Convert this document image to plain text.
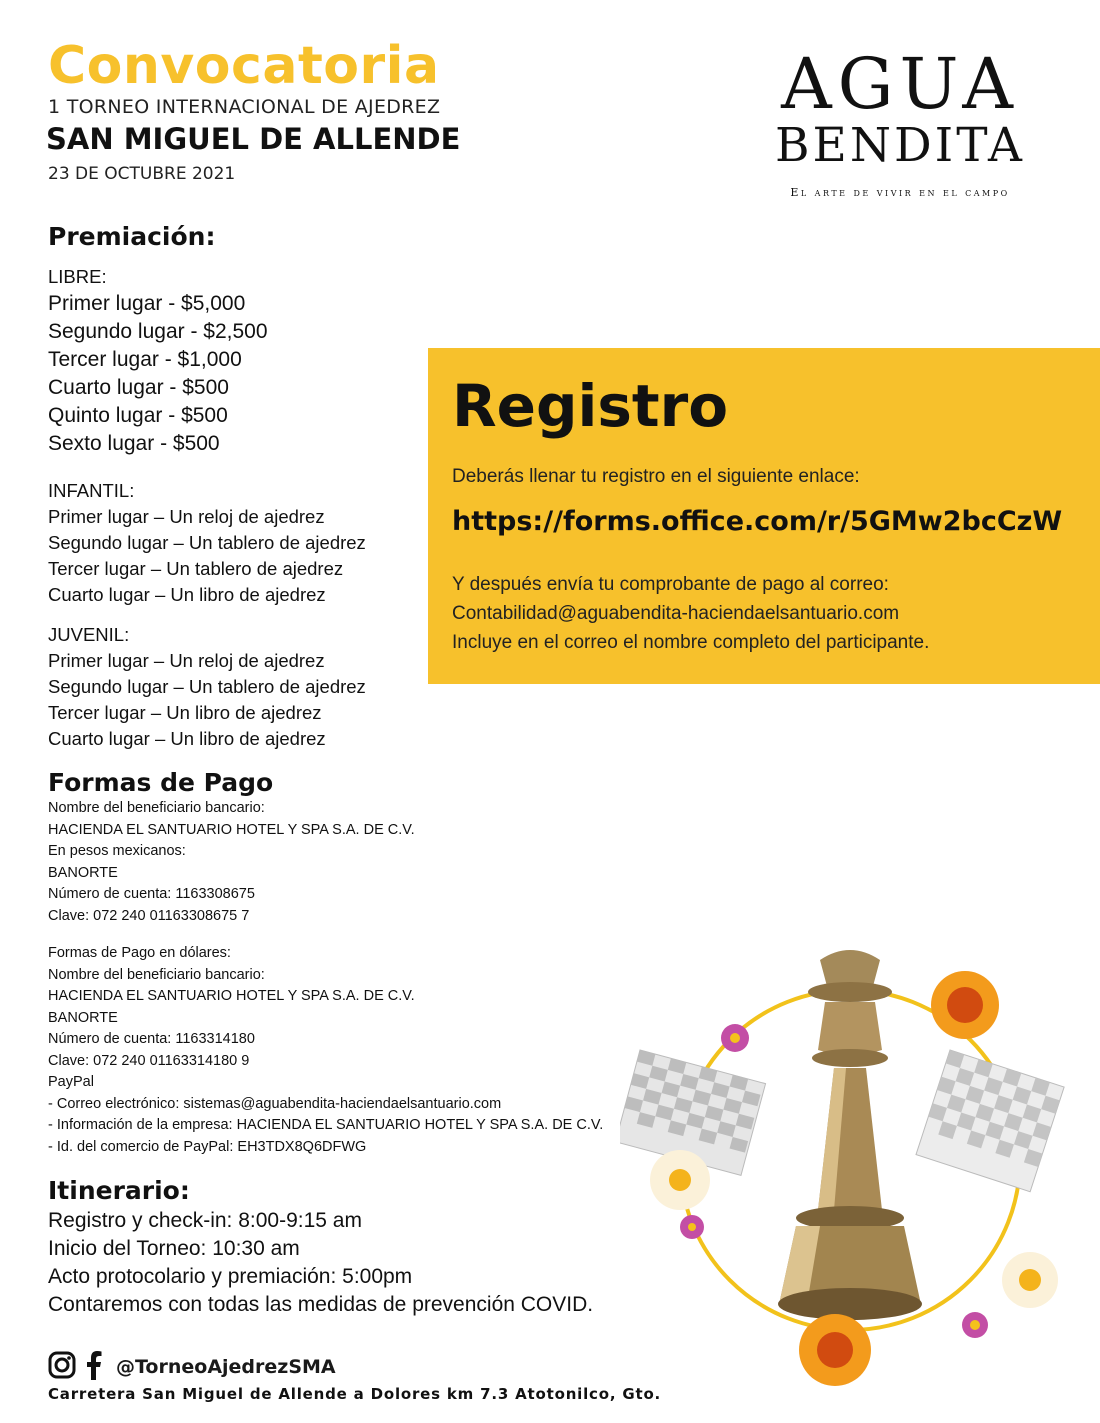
Convocatoria
1 TORNEO INTERNACIONAL DE AJEDREZ
SAN MIGUEL DE ALLENDE
23 DE OCTUBRE 2021
AGUA
BENDITA
El arte de vivir en el campo
Premiación:
LIBRE:
Primer lugar - $5,000
Segundo lugar - $2,500
Tercer lugar - $1,000
Cuarto lugar - $500
Quinto lugar - $500
Sexto lugar - $500
INFANTIL:
Primer lugar – Un reloj de ajedrez
Segundo lugar – Un tablero de ajedrez
Tercer lugar – Un tablero de ajedrez
Cuarto lugar – Un libro de ajedrez
JUVENIL:
Primer lugar – Un reloj de ajedrez
Segundo lugar – Un tablero de ajedrez
Tercer lugar – Un libro de ajedrez
Cuarto lugar – Un libro de ajedrez
Registro
Deberás llenar tu registro en el siguiente enlace:
https://forms.office.com/r/5GMw2bcCzW
Y después envía tu comprobante de pago al correo:
Contabilidad@aguabendita-haciendaelsantuario.com
Incluye en el correo el nombre completo del participante.
Formas de Pago
Nombre del beneficiario bancario:
HACIENDA EL SANTUARIO HOTEL Y SPA S.A. DE C.V.
En pesos mexicanos:
BANORTE
Número de cuenta: 1163308675
Clave: 072 240 01163308675 7
Formas de Pago en dólares:
Nombre del beneficiario bancario:
HACIENDA EL SANTUARIO HOTEL Y SPA S.A. DE C.V.
BANORTE
Número de cuenta: 1163314180
Clave: 072 240 01163314180 9
PayPal
- Correo electrónico: sistemas@aguabendita-haciendaelsantuario.com
- Información de la empresa: HACIENDA EL SANTUARIO HOTEL Y SPA S.A. DE C.V.
- Id. del comercio de PayPal: EH3TDX8Q6DFWG
Itinerario:
Registro y check-in: 8:00-9:15 am
Inicio del Torneo: 10:30 am
Acto protocolario y premiación: 5:00pm
Contaremos con todas las medidas de prevención COVID.
@TorneoAjedrezSMA
Carretera San Miguel de Allende a Dolores km 7.3 Atotonilco, Gto.
